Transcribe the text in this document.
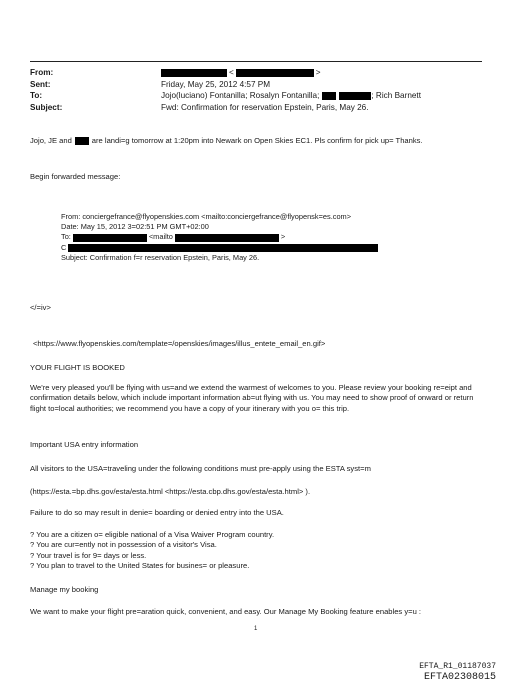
From:	<	>
Sent:	Friday, May 25, 2012 4:57 PM
To:	Jojo(luciano) Fontanilla; Rosalyn Fontanilla;	; Rich Barnett
Subject:	Fwd: Confirmation for reservation Epstein, Paris, May 26.
Jojo, JE and	are landi=g tomorrow at 1:20pm into Newark on Open Skies EC1. Pls confirm for pick up= Thanks.
Begin forwarded message:
From: conciergefrance@flyopenskies.com <mailto:conciergefrance@flyopensk=es.com>
Date: May 15, 2012 3=02:51 PM GMT+02:00
To:	<mailto	>
C
Subject: Confirmation f=r reservation Epstein, Paris, May 26.
</=iv>
<https://www.flyopenskies.com/template=/openskies/images/illus_entete_email_en.gif>
YOUR FLIGHT IS BOOKED
We're very pleased you'll be flying with us=and we extend the warmest of welcomes to you. Please review your booking re=eipt and confirmation details below, which include important information ab=ut flying with us. You may need to show proof of onward or return flight to=local authorities; we recommend you have a copy of your itinerary with you o= this trip.
Important USA entry information
All visitors to the USA=traveling under the following conditions must pre-apply using the ESTA syst=m
(https://esta.=bp.dhs.gov/esta/esta.html <https://esta.cbp.dhs.gov/esta/esta.html> ).
Failure to do so may result in denie= boarding or denied entry into the USA.
? You are a citizen o= eligible national of a Visa Waiver Program country.
? You are cur=ently not in possession of a visitor's Visa.
? Your travel is for 9= days or less.
? You plan to travel to the United States for busines= or pleasure.
Manage my booking
We want to make your flight pre=aration quick, convenient, and easy. Our Manage My Booking feature enables y=u :
1
EFTA_R1_01187037
EFTA02308015
